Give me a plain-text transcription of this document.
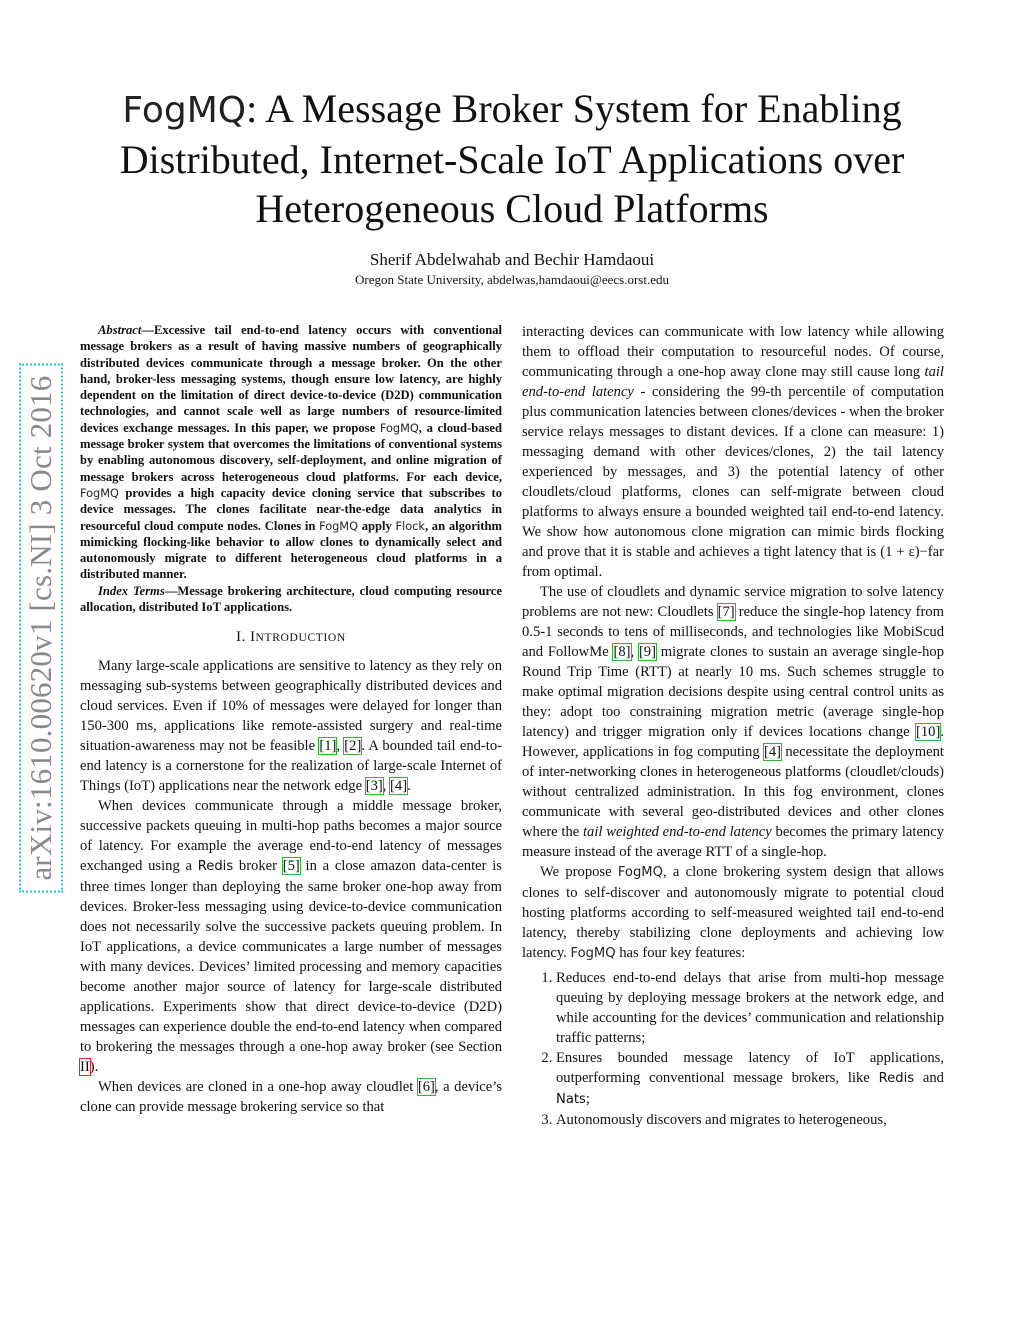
arXiv:1610.00620v1 [cs.NI] 3 Oct 2016
FogMQ: A Message Broker System for Enabling Distributed, Internet-Scale IoT Applications over Heterogeneous Cloud Platforms
Sherif Abdelwahab and Bechir Hamdaoui
Oregon State University, abdelwas,hamdaoui@eecs.orst.edu

Abstract—Excessive tail end-to-end latency occurs with conventional message brokers as a result of having massive numbers of geographically distributed devices communicate through a message broker. On the other hand, broker-less messaging systems, though ensure low latency, are highly dependent on the limitation of direct device-to-device (D2D) communication technologies, and cannot scale well as large numbers of resource-limited devices exchange messages. In this paper, we propose FogMQ, a cloud-based message broker system that overcomes the limitations of conventional systems by enabling autonomous discovery, self-deployment, and online migration of message brokers across heterogeneous cloud platforms. For each device, FogMQ provides a high capacity device cloning service that subscribes to device messages. The clones facilitate near-the-edge data analytics in resourceful cloud compute nodes. Clones in FogMQ apply Flock, an algorithm mimicking flocking-like behavior to allow clones to dynamically select and autonomously migrate to different heterogeneous cloud platforms in a distributed manner.

Index Terms—Message brokering architecture, cloud computing resource allocation, distributed IoT applications.

I. INTRODUCTION

Many large-scale applications are sensitive to latency as they rely on messaging sub-systems between geographically distributed devices and cloud services. Even if 10% of messages were delayed for longer than 150-300 ms, applications like remote-assisted surgery and real-time situation-awareness may not be feasible [1], [2]. A bounded tail end-to-end latency is a cornerstone for the realization of large-scale Internet of Things (IoT) applications near the network edge [3], [4].

When devices communicate through a middle message broker, successive packets queuing in multi-hop paths becomes a major source of latency. For example the average end-to-end latency of messages exchanged using a Redis broker [5] in a close amazon data-center is three times longer than deploying the same broker one-hop away from devices. Broker-less messaging using device-to-device communication does not necessarily solve the successive packets queuing problem. In IoT applications, a device communicates a large number of messages with many devices. Devices’ limited processing and memory capacities become another major source of latency for large-scale distributed applications. Experiments show that direct device-to-device (D2D) messages can experience double the end-to-end latency when compared to brokering the messages through a one-hop away broker (see Section II).

When devices are cloned in a one-hop away cloudlet [6], a device’s clone can provide message brokering service so that

interacting devices can communicate with low latency while allowing them to offload their computation to resourceful nodes. Of course, communicating through a one-hop away clone may still cause long tail end-to-end latency - considering the 99-th percentile of computation plus communication latencies between clones/devices - when the broker service relays messages to distant devices. If a clone can measure: 1) messaging demand with other devices/clones, 2) the tail latency experienced by messages, and 3) the potential latency of other cloudlets/cloud platforms, clones can self-migrate between cloud platforms to always ensure a bounded weighted tail end-to-end latency. We show how autonomous clone migration can mimic birds flocking and prove that it is stable and achieves a tight latency that is (1 + ε)−far from optimal.

The use of cloudlets and dynamic service migration to solve latency problems are not new: Cloudlets [7] reduce the single-hop latency from 0.5-1 seconds to tens of milliseconds, and technologies like MobiScud and FollowMe [8], [9] migrate clones to sustain an average single-hop Round Trip Time (RTT) at nearly 10 ms. Such schemes struggle to make optimal migration decisions despite using central control units as they: adopt too constraining migration metric (average single-hop latency) and trigger migration only if devices locations change [10]. However, applications in fog computing [4] necessitate the deployment of inter-networking clones in heterogeneous platforms (cloudlet/clouds) without centralized administration. In this fog environment, clones communicate with several geo-distributed devices and other clones where the tail weighted end-to-end latency becomes the primary latency measure instead of the average RTT of a single-hop.

We propose FogMQ, a clone brokering system design that allows clones to self-discover and autonomously migrate to potential cloud hosting platforms according to self-measured weighted tail end-to-end latency, thereby stabilizing clone deployments and achieving low latency. FogMQ has four key features:

1. Reduces end-to-end delays that arise from multi-hop message queuing by deploying message brokers at the network edge, and while accounting for the devices’ communication and relationship traffic patterns;
2. Ensures bounded message latency of IoT applications, outperforming conventional message brokers, like Redis and Nats;
3. Autonomously discovers and migrates to heterogeneous,
